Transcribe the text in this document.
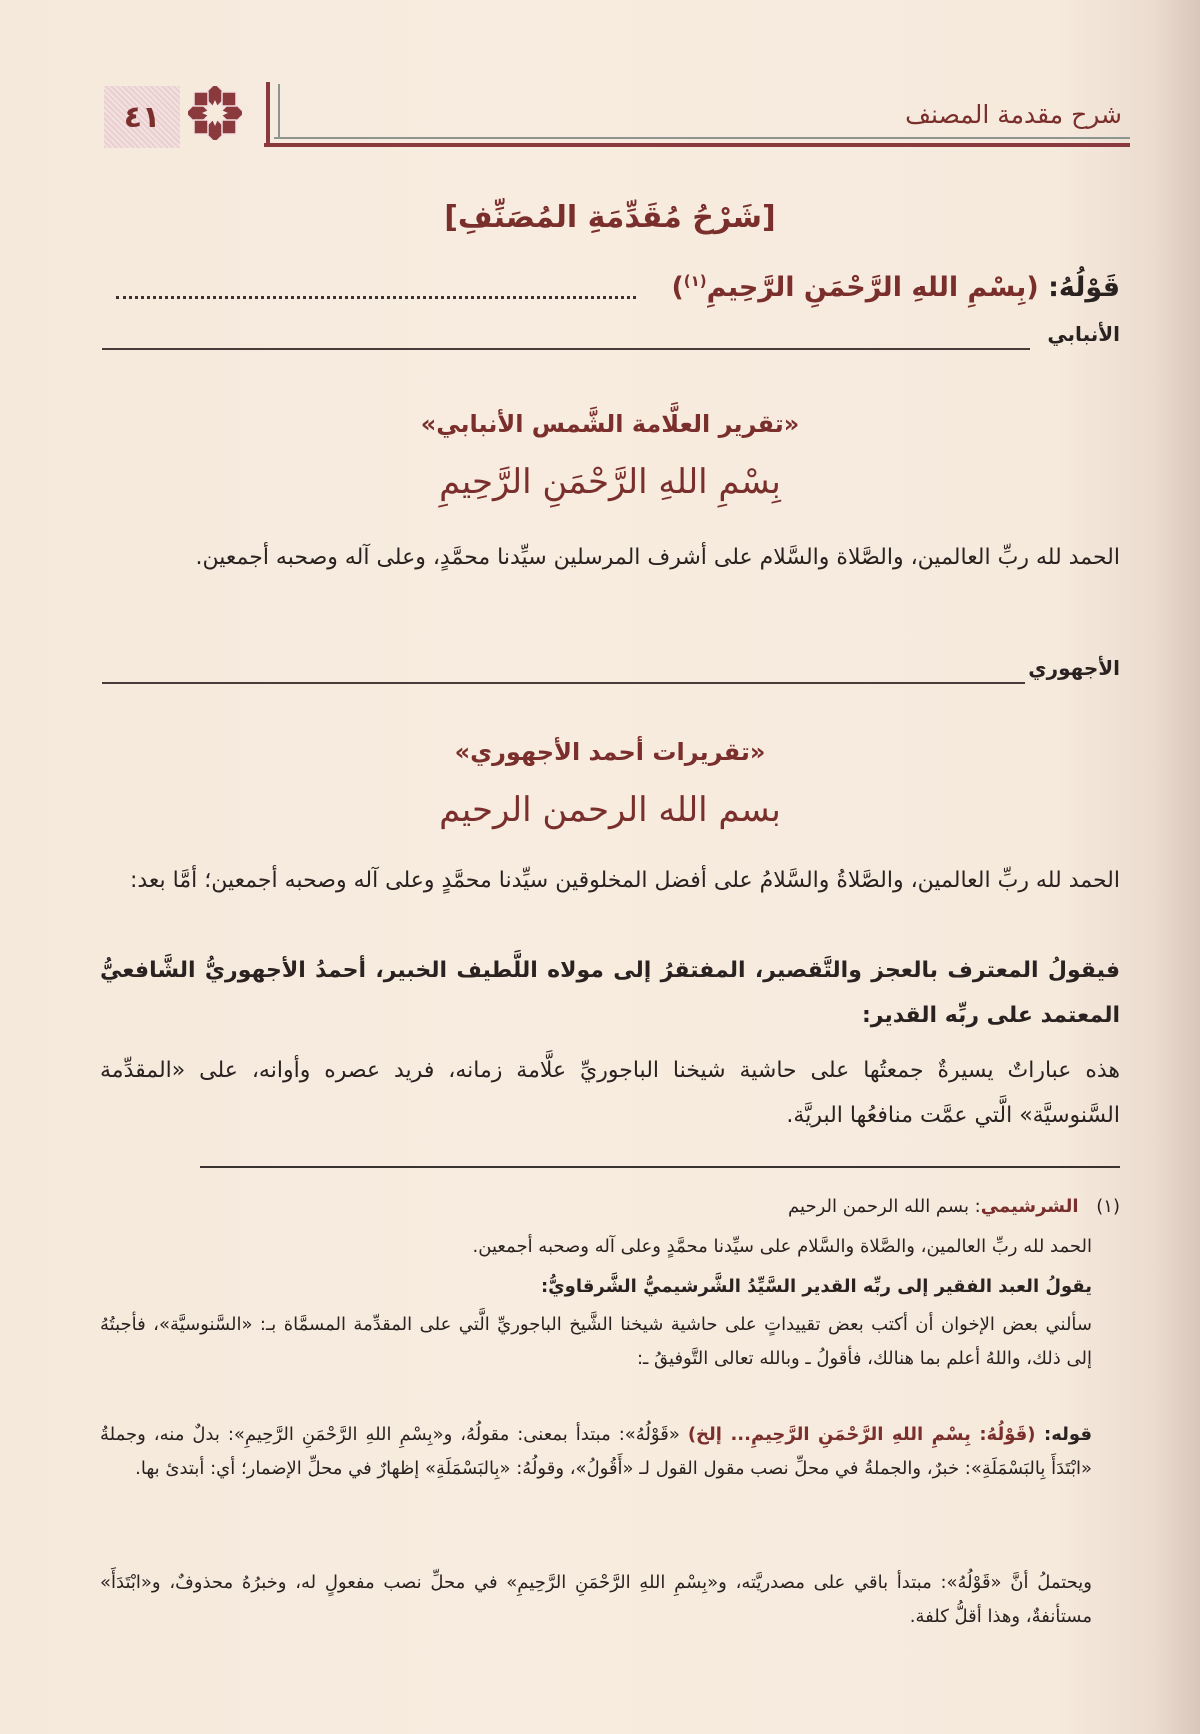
شرح مقدمة المصنف
٤١
[شَرْحُ مُقَدِّمَةِ المُصَنِّفِ]
قَوْلُهُ: (بِسْمِ اللهِ الرَّحْمَنِ الرَّحِيمِ$^{(١)}$)
الأنبابي
«تقرير العلَّامة الشَّمس الأنبابي»
بِسْمِ اللهِ الرَّحْمَنِ الرَّحِيمِ
الحمد لله ربِّ العالمين، والصَّلاة والسَّلام على أشرف المرسلين سيِّدنا محمَّدٍ، وعلى آله وصحبه أجمعين.
الأجهوري
«تقريرات أحمد الأجهوري»
بسم الله الرحمن الرحيم
الحمد لله ربِّ العالمين، والصَّلاةُ والسَّلامُ على أفضل المخلوقين سيِّدنا محمَّدٍ وعلى آله وصحبه أجمعين؛ أمَّا بعد:
فيقولُ المعترف بالعجز والتَّقصير، المفتقرُ إلى مولاه اللَّطيف الخبير، أحمدُ الأجهوريُّ الشَّافعيُّ المعتمد على ربِّه القدير:
هذه عباراتٌ يسيرةٌ جمعتُها على حاشية شيخنا الباجوريِّ علَّامة زمانه، فريد عصره وأوانه، على «المقدِّمة السَّنوسيَّة» الَّتي عمَّت منافعُها البريَّة.
(١) الشرشيمي: بسم الله الرحمن الرحيم
الحمد لله ربِّ العالمين، والصَّلاة والسَّلام على سيِّدنا محمَّدٍ وعلى آله وصحبه أجمعين.
يقولُ العبد الفقير إلى ربِّه القدير السَّيِّدُ الشَّرشيميُّ الشَّرقاويُّ:
سألني بعض الإخوان أن أكتب بعض تقييداتٍ على حاشية شيخنا الشَّيخ الباجوريِّ الَّتي على المقدِّمة المسمَّاة بـ: «السَّنوسيَّة»، فأجبتُهُ إلى ذلك، واللهُ أعلم بما هنالك، فأقولُ ـ وبالله تعالى التَّوفيقُ ـ:
قوله: (قَوْلُهُ: بِسْمِ اللهِ الرَّحْمَنِ الرَّحِيمِ... إلخ) «قَوْلُهُ»: مبتدأ بمعنى: مقولُهُ، و«بِسْمِ اللهِ الرَّحْمَنِ الرَّحِيمِ»: بدلٌ منه، وجملةُ «ابْتَدَأَ بِالبَسْمَلَةِ»: خبرٌ، والجملةُ في محلِّ نصب مقول القول لـ «أَقُولُ»، وقولُهُ: «بِالبَسْمَلَةِ» إظهارٌ في محلِّ الإضمار؛ أي: أبتدئ بها.
ويحتملُ أنَّ «قَوْلُهُ»: مبتدأ باقي على مصدريَّته، و«بِسْمِ اللهِ الرَّحْمَنِ الرَّحِيمِ» في محلِّ نصب مفعولٍ له، وخبرُهُ محذوفٌ، و«ابْتَدَأَ» مستأنفةٌ، وهذا أقلُّ كلفة.
